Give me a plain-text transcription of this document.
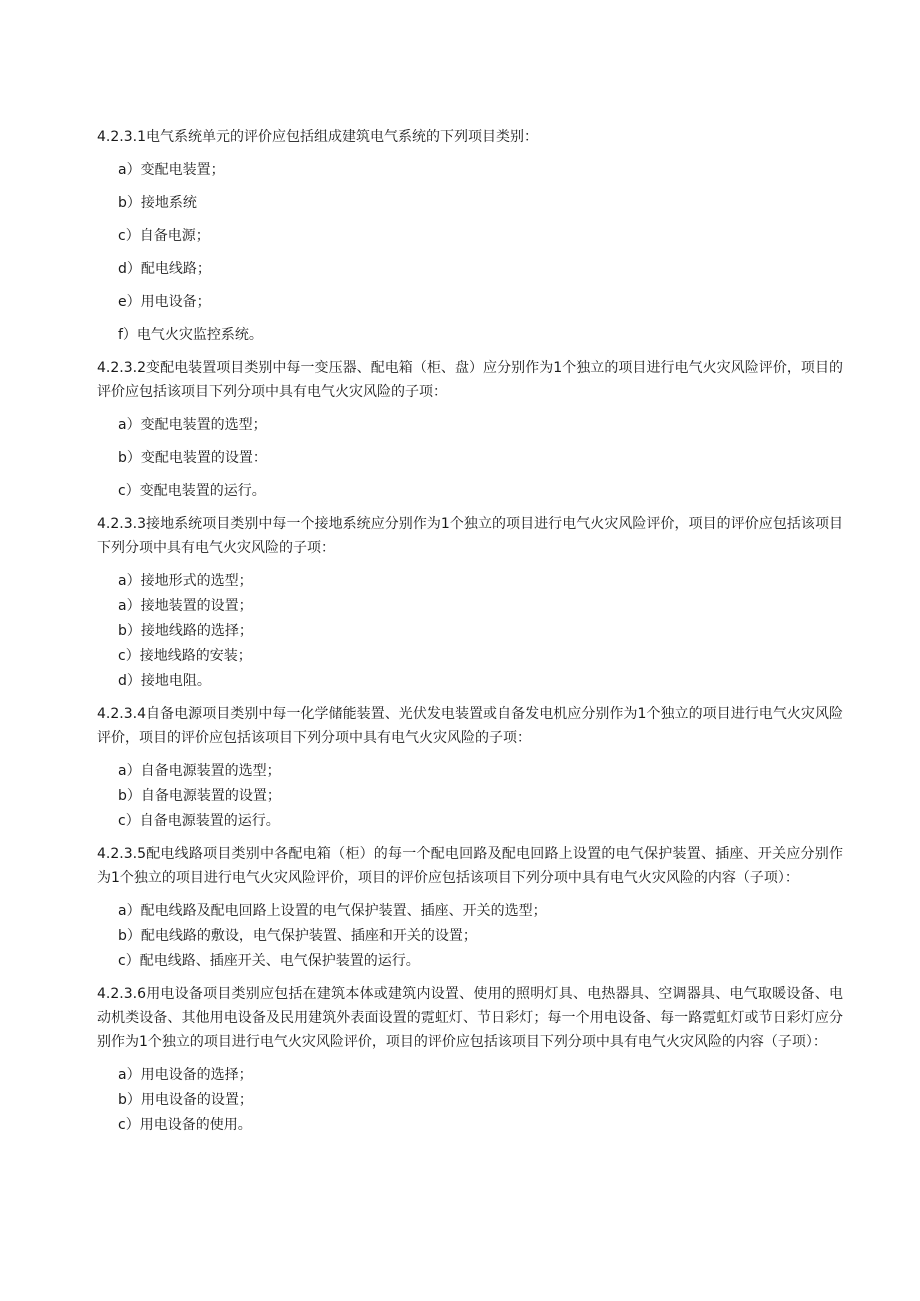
4.2.3.1电气系统单元的评价应包括组成建筑电气系统的下列项目类别：

a）变配电装置；

b）接地系统

c）自备电源；

d）配电线路；

e）用电设备；

f）电气火灾监控系统。

4.2.3.2变配电装置项目类别中每一变压器、配电箱（柜、盘）应分别作为1个独立的项目进行电气火灾风险评价，项目的评价应包括该项目下列分项中具有电气火灾风险的子项：

a）变配电装置的选型；

b）变配电装置的设置：

c）变配电装置的运行。

4.2.3.3接地系统项目类别中每一个接地系统应分别作为1个独立的项目进行电气火灾风险评价，项目的评价应包括该项目下列分项中具有电气火灾风险的子项：

a）接地形式的选型；

a）接地装置的设置；

b）接地线路的选择；

c）接地线路的安装；

d）接地电阻。

4.2.3.4自备电源项目类别中每一化学储能装置、光伏发电装置或自备发电机应分别作为1个独立的项目进行电气火灾风险评价，项目的评价应包括该项目下列分项中具有电气火灾风险的子项：

a）自备电源装置的选型；

b）自备电源装置的设置；

c）自备电源装置的运行。

4.2.3.5配电线路项目类别中各配电箱（柜）的每一个配电回路及配电回路上设置的电气保护装置、插座、开关应分别作为1个独立的项目进行电气火灾风险评价，项目的评价应包括该项目下列分项中具有电气火灾风险的内容（子项）：

a）配电线路及配电回路上设置的电气保护装置、插座、开关的选型；

b）配电线路的敷设，电气保护装置、插座和开关的设置；

c）配电线路、插座开关、电气保护装置的运行。

4.2.3.6用电设备项目类别应包括在建筑本体或建筑内设置、使用的照明灯具、电热器具、空调器具、电气取暖设备、电动机类设备、其他用电设备及民用建筑外表面设置的霓虹灯、节日彩灯；每一个用电设备、每一路霓虹灯或节日彩灯应分别作为1个独立的项目进行电气火灾风险评价，项目的评价应包括该项目下列分项中具有电气火灾风险的内容（子项）：

a）用电设备的选择；

b）用电设备的设置；

c）用电设备的使用。
